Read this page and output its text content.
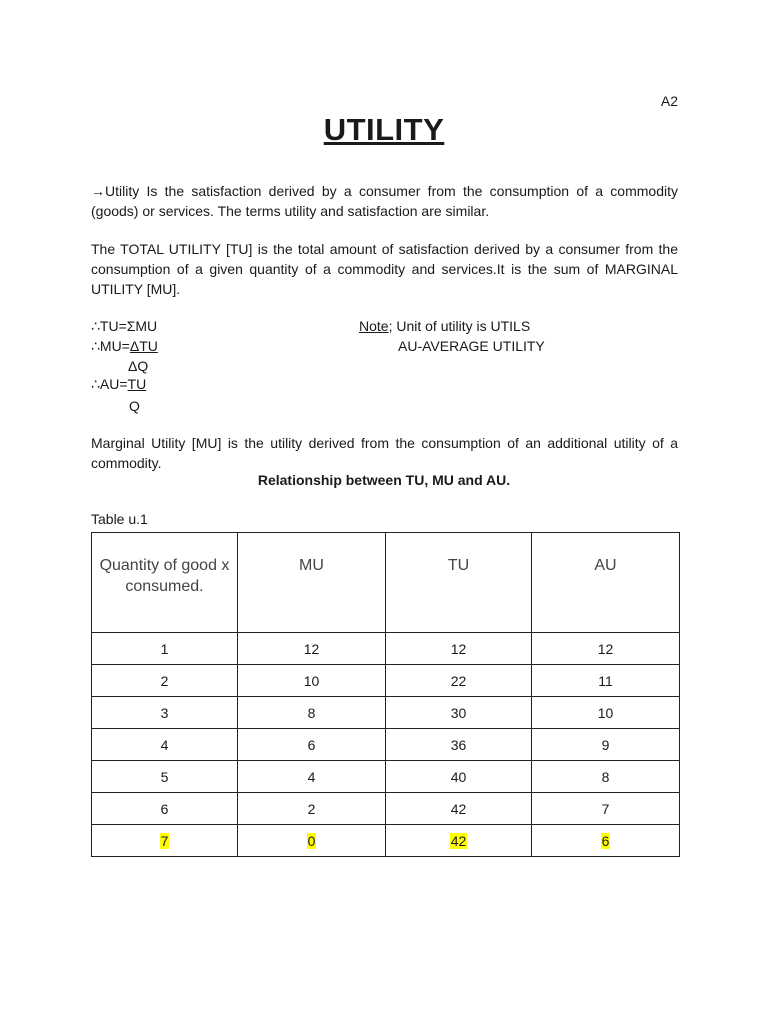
A2
UTILITY
→Utility Is the satisfaction derived by a consumer from the consumption of a commodity (goods) or services. The terms utility and satisfaction are similar.
The TOTAL UTILITY [TU] is the total amount of satisfaction derived by a consumer from the consumption of a given quantity of a commodity and services.It is the sum of MARGINAL UTILITY [MU].
∴TU=ΣMU
∴MU=ΔTU
ΔQ
∴AU=TU
Q
Note; Unit of utility is UTILS
AU-AVERAGE UTILITY
Marginal Utility [MU] is the utility derived from the consumption of an additional utility of a commodity.
Relationship between TU, MU and AU.
Table u.1
Quantity of good x consumed.	MU	TU	AU
1	12	12	12
2	10	22	11
3	8	30	10
4	6	36	9
5	4	40	8
6	2	42	7
7	0	42	6
